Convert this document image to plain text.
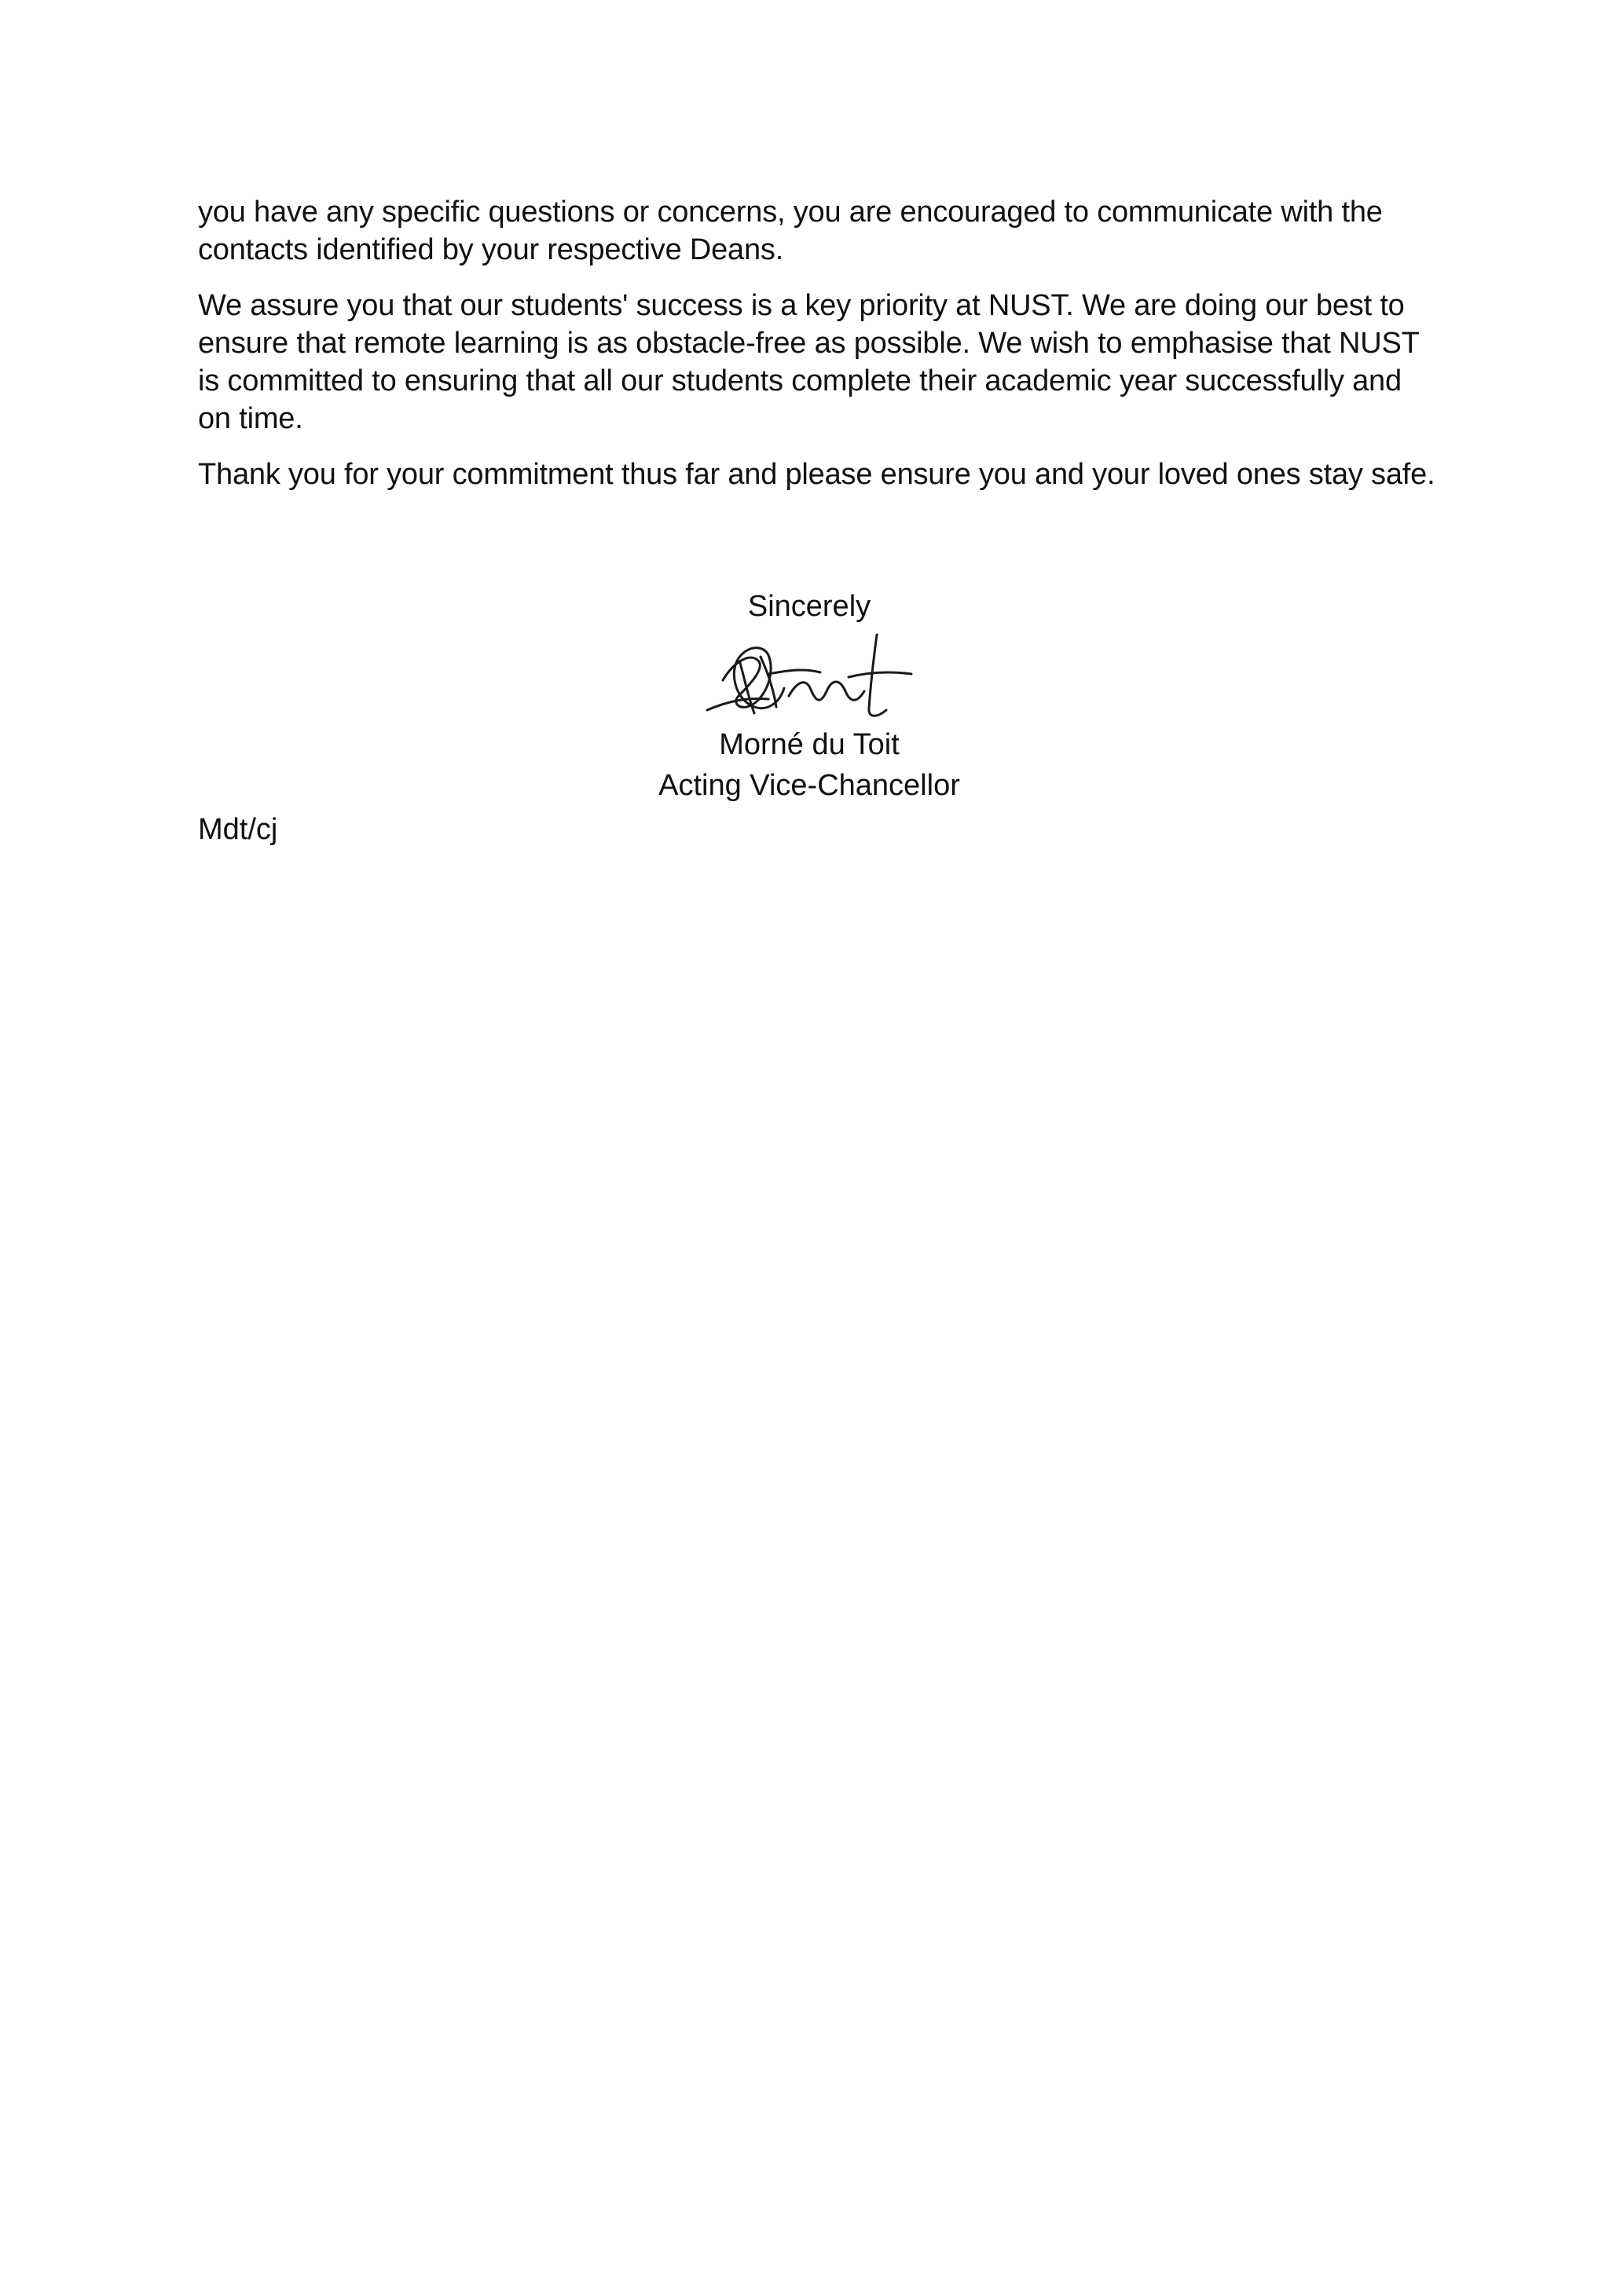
you have any specific questions or concerns, you are encouraged to communicate with the contacts identified by your respective Deans.

We assure you that our students' success is a key priority at NUST. We are doing our best to ensure that remote learning is as obstacle-free as possible. We wish to emphasise that NUST is committed to ensuring that all our students complete their academic year successfully and on time.

Thank you for your commitment thus far and please ensure you and your loved ones stay safe.

Sincerely
Morné du Toit
Acting Vice-Chancellor
Mdt/cj
